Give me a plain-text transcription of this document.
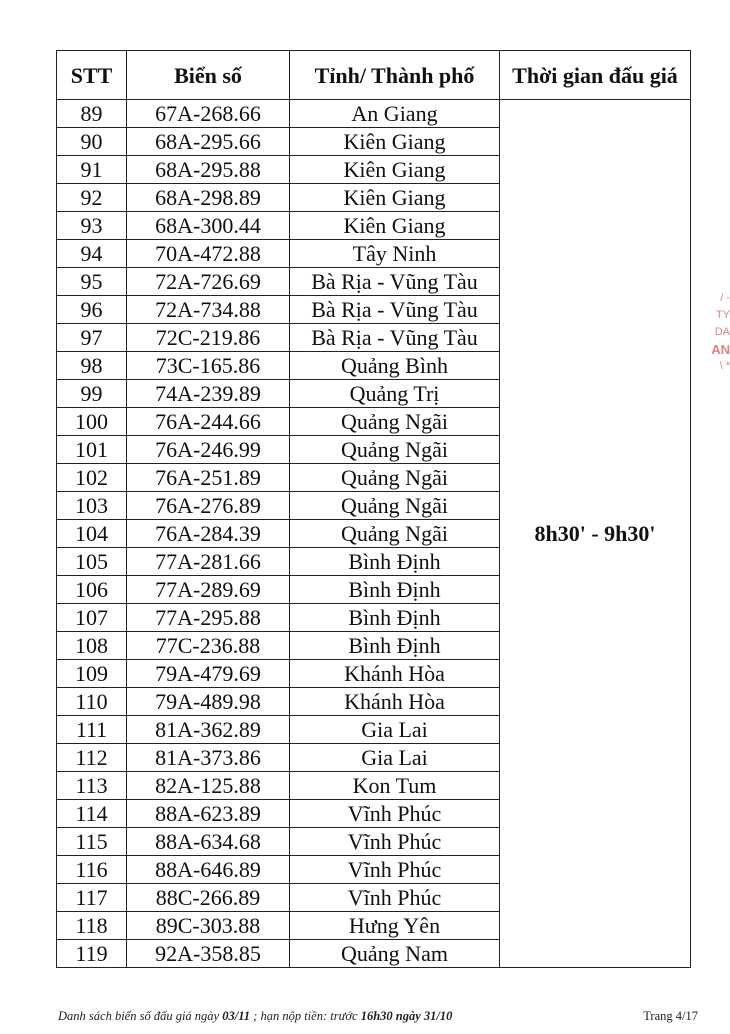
STT	Biển số	Tỉnh/ Thành phố	Thời gian đấu giá
89	67A-268.66	An Giang	8h30' - 9h30'
90	68A-295.66	Kiên Giang	
91	68A-295.88	Kiên Giang	
92	68A-298.89	Kiên Giang	
93	68A-300.44	Kiên Giang	
94	70A-472.88	Tây Ninh	
95	72A-726.69	Bà Rịa - Vũng Tàu	
96	72A-734.88	Bà Rịa - Vũng Tàu	
97	72C-219.86	Bà Rịa - Vũng Tàu	
98	73C-165.86	Quảng Bình	
99	74A-239.89	Quảng Trị	
100	76A-244.66	Quảng Ngãi	
101	76A-246.99	Quảng Ngãi	
102	76A-251.89	Quảng Ngãi	
103	76A-276.89	Quảng Ngãi	
104	76A-284.39	Quảng Ngãi	
105	77A-281.66	Bình Định	
106	77A-289.69	Bình Định	
107	77A-295.88	Bình Định	
108	77C-236.88	Bình Định	
109	79A-479.69	Khánh Hòa	
110	79A-489.98	Khánh Hòa	
111	81A-362.89	Gia Lai	
112	81A-373.86	Gia Lai	
113	82A-125.88	Kon Tum	
114	88A-623.89	Vĩnh Phúc	
115	88A-634.68	Vĩnh Phúc	
116	88A-646.89	Vĩnh Phúc	
117	88C-266.89	Vĩnh Phúc	
118	89C-303.88	Hưng Yên	
119	92A-358.85	Quảng Nam	
/ -
TY
DA
AN
\ *
Danh sách biển số đấu giá ngày 03/11 ; hạn nộp tiền: trước 16h30 ngày 31/10	Trang 4/17
